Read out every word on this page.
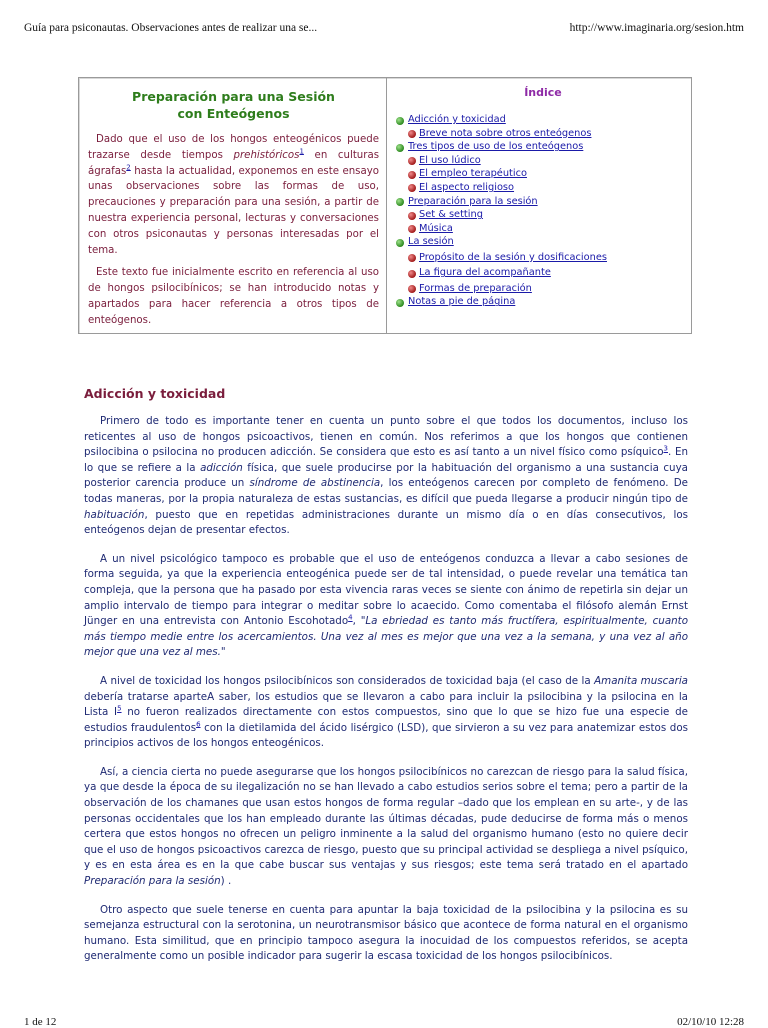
Guía para psiconautas. Observaciones antes de realizar una se...	http://www.imaginaria.org/sesion.htm
Preparación para una Sesión
con Enteógenos

Dado que el uso de los hongos enteogénicos puede trazarse desde tiempos prehistóricos$^1$ en culturas ágrafas$^2$ hasta la actualidad, exponemos en este ensayo unas observaciones sobre las formas de uso, precauciones y preparación para una sesión, a partir de nuestra experiencia personal, lecturas y conversaciones con otros psiconautas y personas interesadas por el tema.

Este texto fue inicialmente escrito en referencia al uso de hongos psilocibínicos; se han introducido notas y apartados para hacer referencia a otros tipos de enteógenos.

Índice
Adicción y toxicidad
Breve nota sobre otros enteógenos
Tres tipos de uso de los enteógenos
El uso lúdico
El empleo terapéutico
El aspecto religioso
Preparación para la sesión
Set & setting
Música
La sesión
Propósito de la sesión y dosificaciones
La figura del acompañante
Formas de preparación
Notas a pie de página
Adicción y toxicidad

Primero de todo es importante tener en cuenta un punto sobre el que todos los documentos, incluso los reticentes al uso de hongos psicoactivos, tienen en común. Nos referimos a que los hongos que contienen psilocibina o psilocina no producen adicción. Se considera que esto es así tanto a un nivel físico como psíquico$^3$. En lo que se refiere a la adicción física, que suele producirse por la habituación del organismo a una sustancia cuya posterior carencia produce un síndrome de abstinencia, los enteógenos carecen por completo de fenómeno. De todas maneras, por la propia naturaleza de estas sustancias, es difícil que pueda llegarse a producir ningún tipo de habituación, puesto que en repetidas administraciones durante un mismo día o en días consecutivos, los enteógenos dejan de presentar efectos.

A un nivel psicológico tampoco es probable que el uso de enteógenos conduzca a llevar a cabo sesiones de forma seguida, ya que la experiencia enteogénica puede ser de tal intensidad, o puede revelar una temática tan compleja, que la persona que ha pasado por esta vivencia raras veces se siente con ánimo de repetirla sin dejar un amplio intervalo de tiempo para integrar o meditar sobre lo acaecido. Como comentaba el filósofo alemán Ernst Jünger en una entrevista con Antonio Escohotado$^4$, "La ebriedad es tanto más fructífera, espiritualmente, cuanto más tiempo medie entre los acercamientos. Una vez al mes es mejor que una vez a la semana, y una vez al año mejor que una vez al mes."

A nivel de toxicidad los hongos psilocibínicos son considerados de toxicidad baja (el caso de la Amanita muscaria debería tratarse aparteA saber, los estudios que se llevaron a cabo para incluir la psilocibina y la psilocina en la Lista $I^5$ no fueron realizados directamente con estos compuestos, sino que lo que se hizo fue una especie de estudios fraudulentos$^6$ con la dietilamida del ácido lisérgico (LSD), que sirvieron a su vez para anatemizar estos dos principios activos de los hongos enteogénicos.

Así, a ciencia cierta no puede asegurarse que los hongos psilocibínicos no carezcan de riesgo para la salud física, ya que desde la época de su ilegalización no se han llevado a cabo estudios serios sobre el tema; pero a partir de la observación de los chamanes que usan estos hongos de forma regular –dado que los emplean en su arte-, y de las personas occidentales que los han empleado durante las últimas décadas, pude deducirse de forma más o menos certera que estos hongos no ofrecen un peligro inminente a la salud del organismo humano (esto no quiere decir que el uso de hongos psicoactivos carezca de riesgo, puesto que su principal actividad se despliega a nivel psíquico, y es en esta área es en la que cabe buscar sus ventajas y sus riesgos; este tema será tratado en el apartado Preparación para la sesión) .

Otro aspecto que suele tenerse en cuenta para apuntar la baja toxicidad de la psilocibina y la psilocina es su semejanza estructural con la serotonina, un neurotransmisor básico que acontece de forma natural en el organismo humano. Esta similitud, que en principio tampoco asegura la inocuidad de los compuestos referidos, se acepta generalmente como un posible indicador para sugerir la escasa toxicidad de los hongos psilocibínicos.

1 de 12	02/10/10 12:28
